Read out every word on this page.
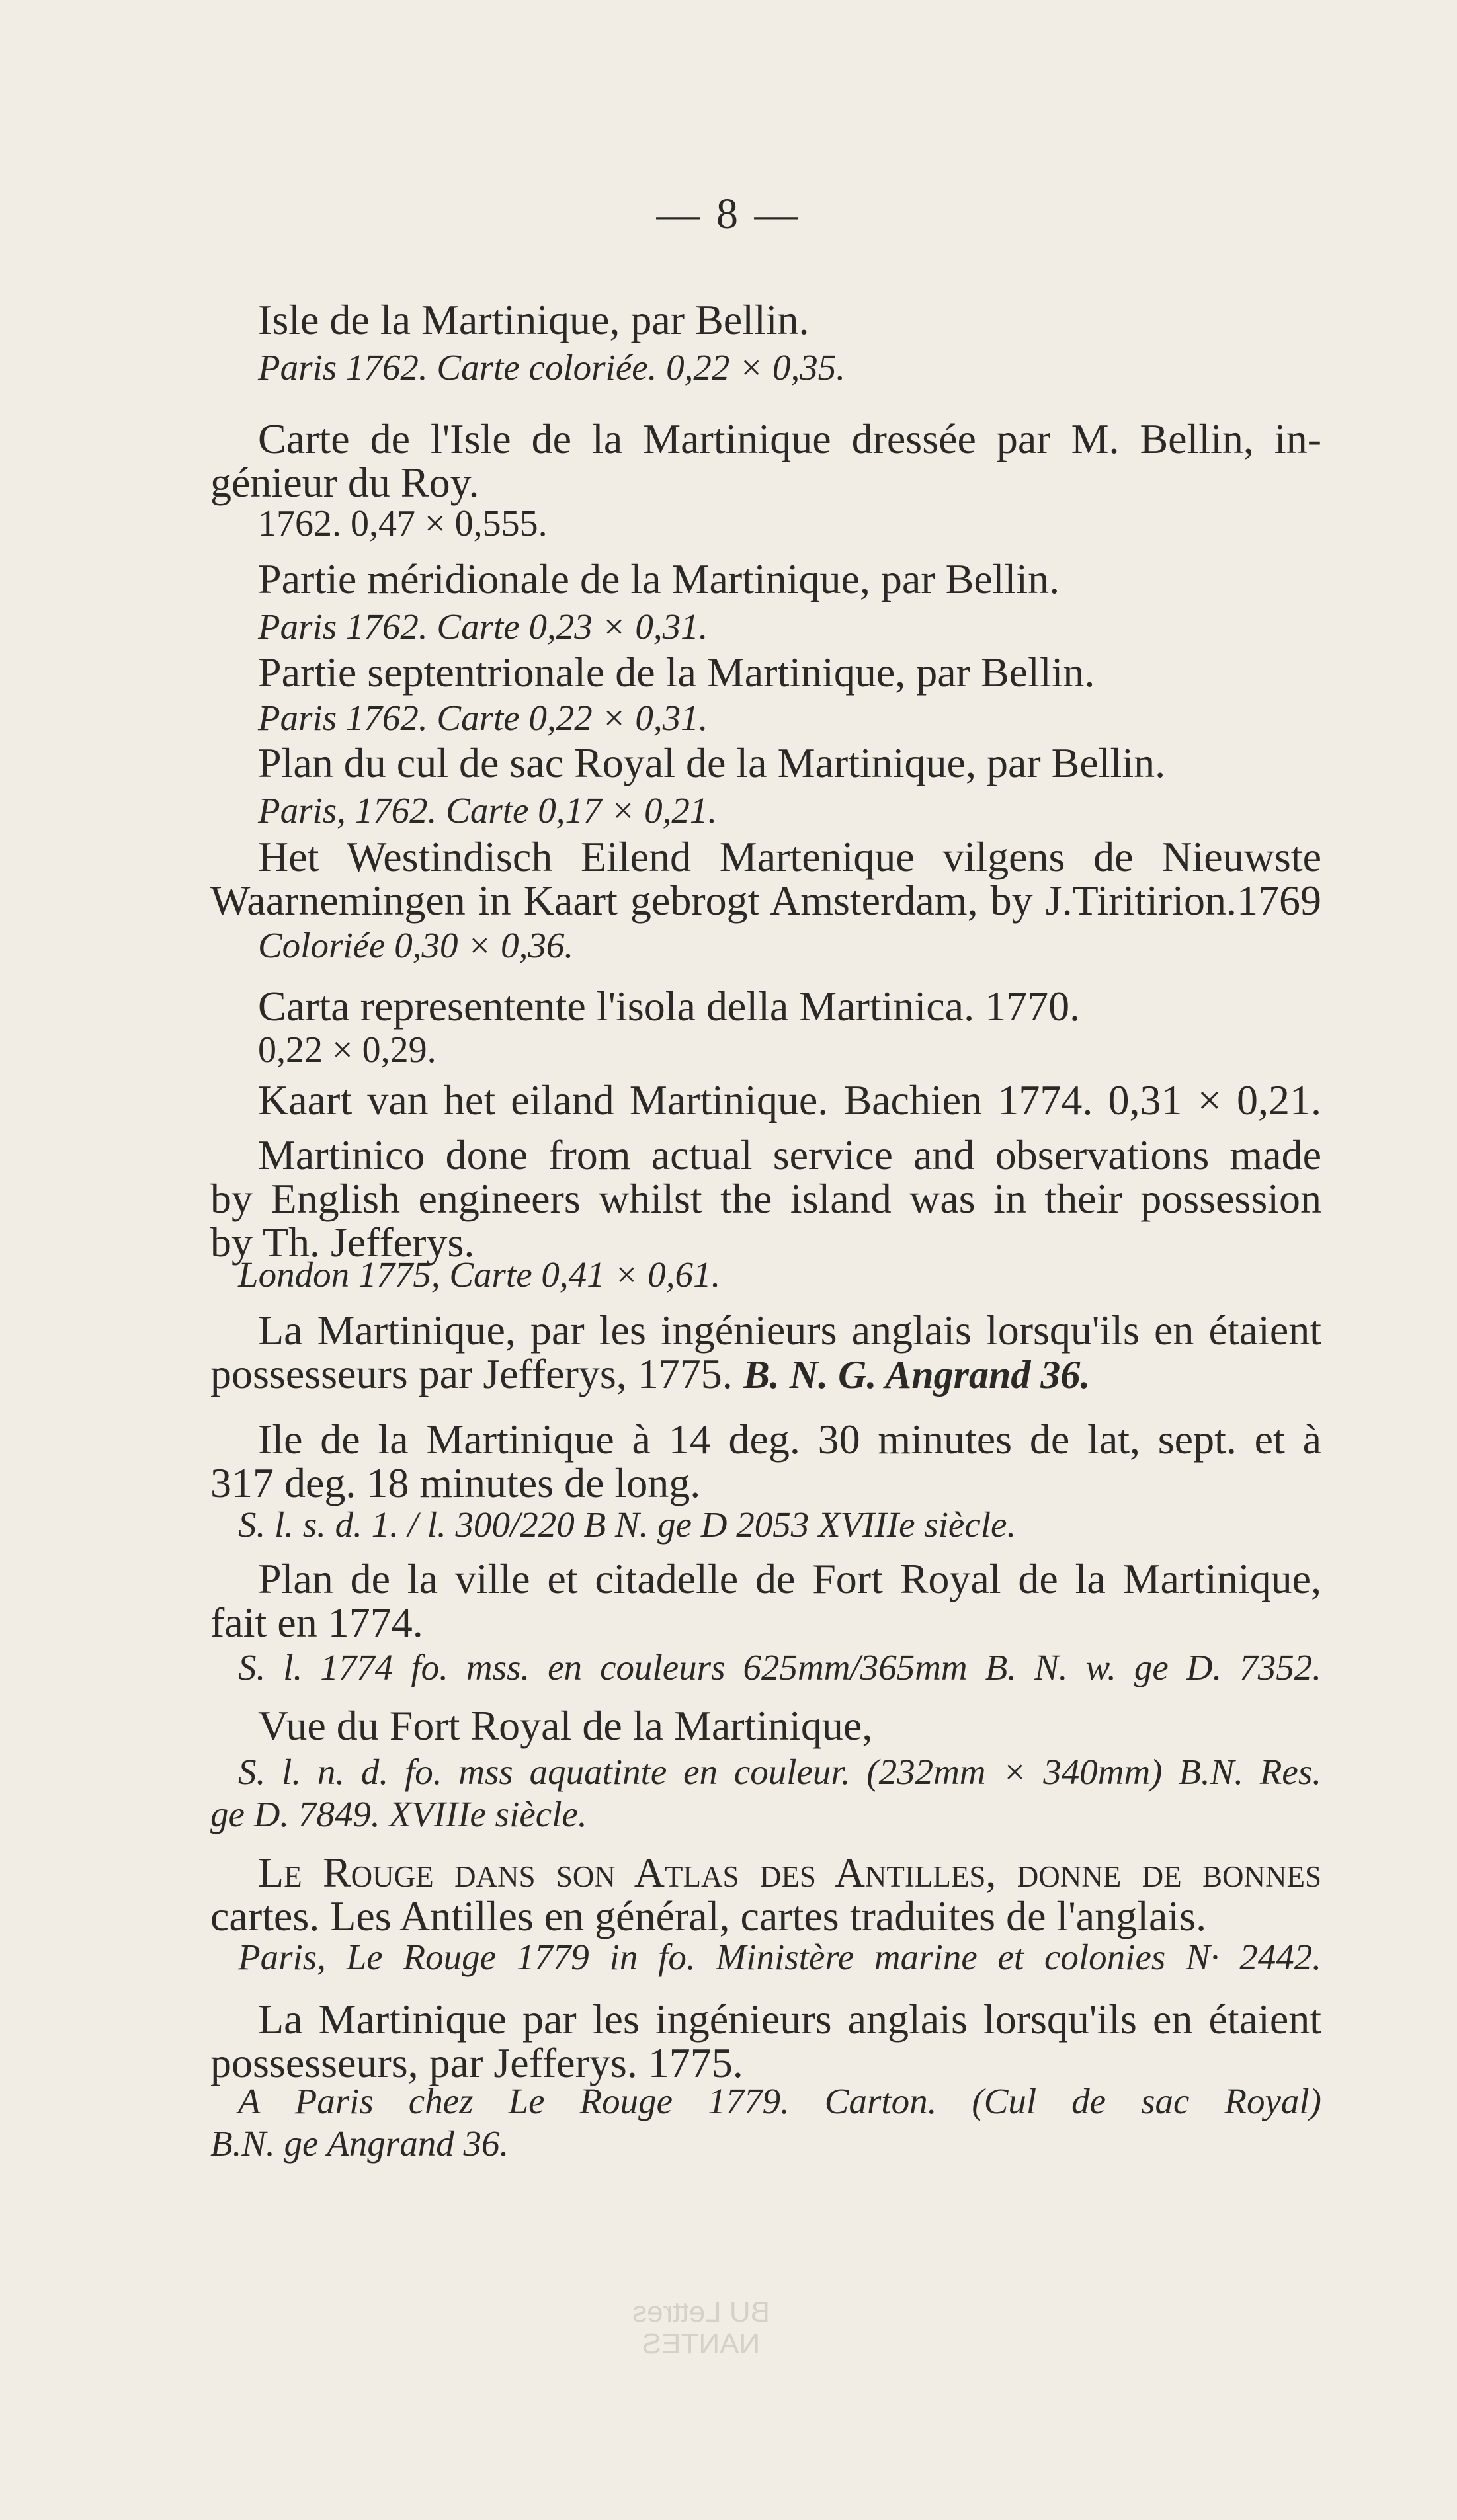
— 8 —
Isle de la Martinique, par Bellin.
Paris 1762. Carte coloriée. 0,22 × 0,35.
Carte de l'Isle de la Martinique dressée par M. Bellin, in-
génieur du Roy.
1762. 0,47 × 0,555.
Partie méridionale de la Martinique, par Bellin.
Paris 1762. Carte 0,23 × 0,31.
Partie septentrionale de la Martinique, par Bellin.
Paris 1762. Carte 0,22 × 0,31.
Plan du cul de sac Royal de la Martinique, par Bellin.
Paris, 1762. Carte 0,17 × 0,21.
Het Westindisch Eilend Martenique vilgens de Nieuwste
Waarnemingen in Kaart gebrogt Amsterdam, by J.Tiritirion.1769
Coloriée 0,30 × 0,36.
Carta representente l'isola della Martinica. 1770.
0,22 × 0,29.
Kaart van het eiland Martinique. Bachien 1774. 0,31 × 0,21.
Martinico done from actual service and observations made
by English engineers whilst the island was in their possession
by Th. Jefferys.
London 1775, Carte 0,41 × 0,61.
La Martinique, par les ingénieurs anglais lorsqu'ils en étaient
possesseurs par Jefferys, 1775. B. N. G. Angrand 36.
Ile de la Martinique à 14 deg. 30 minutes de lat, sept. et à
317 deg. 18 minutes de long.
S. l. s. d. 1. / l. 300/220 B N. ge D 2053 XVIIIe siècle.
Plan de la ville et citadelle de Fort Royal de la Martinique,
fait en 1774.
S. l. 1774 fo. mss. en couleurs 625mm/365mm B. N. w. ge D. 7352.
Vue du Fort Royal de la Martinique,
S. l. n. d. fo. mss aquatinte en couleur. (232mm × 340mm) B.N. Res.
ge D. 7849. XVIIIe siècle.
Le Rouge dans son Atlas des Antilles, donne de bonnes
cartes. Les Antilles en général, cartes traduites de l'anglais.
Paris, Le Rouge 1779 in fo. Ministère marine et colonies N· 2442.
La Martinique par les ingénieurs anglais lorsqu'ils en étaient
possesseurs, par Jefferys. 1775.
A Paris chez Le Rouge 1779. Carton. (Cul de sac Royal)
B.N. ge Angrand 36.
BU Lettres
NANTES
